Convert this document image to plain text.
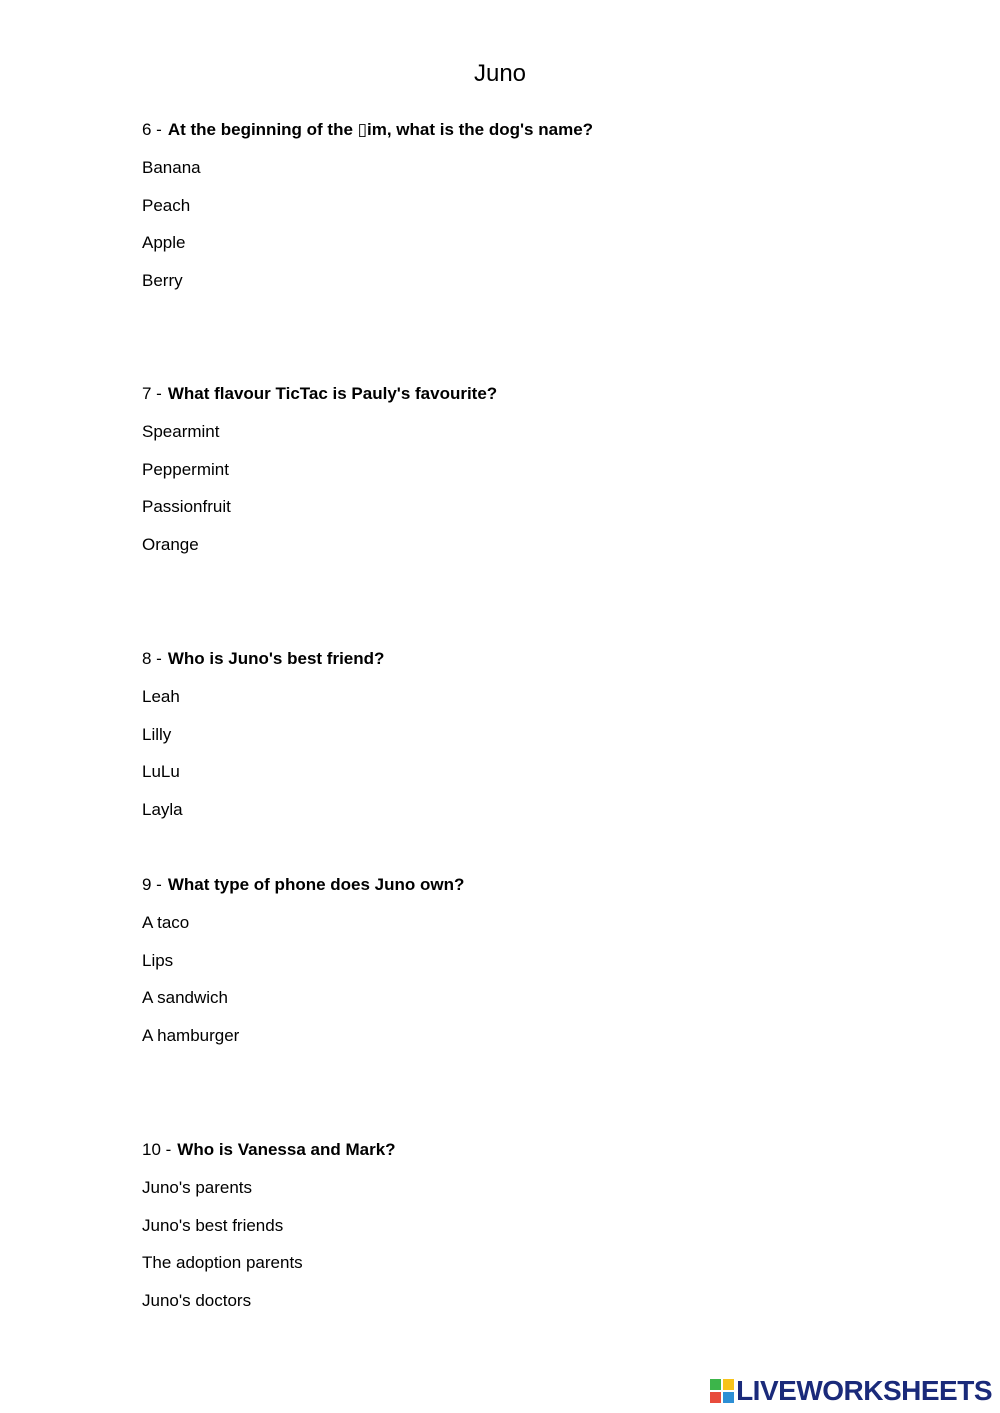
Juno
6 - At the beginning of the ▯im, what is the dog's name?
Banana
Peach
Apple
Berry
7 - What flavour TicTac is Pauly's favourite?
Spearmint
Peppermint
Passionfruit
Orange
8 - Who is Juno's best friend?
Leah
Lilly
LuLu
Layla
9 - What type of phone does Juno own?
A taco
Lips
A sandwich
A hamburger
10 - Who is Vanessa and Mark?
Juno's parents
Juno's best friends
The adoption parents
Juno's doctors
LIVEWORKSHEETS
